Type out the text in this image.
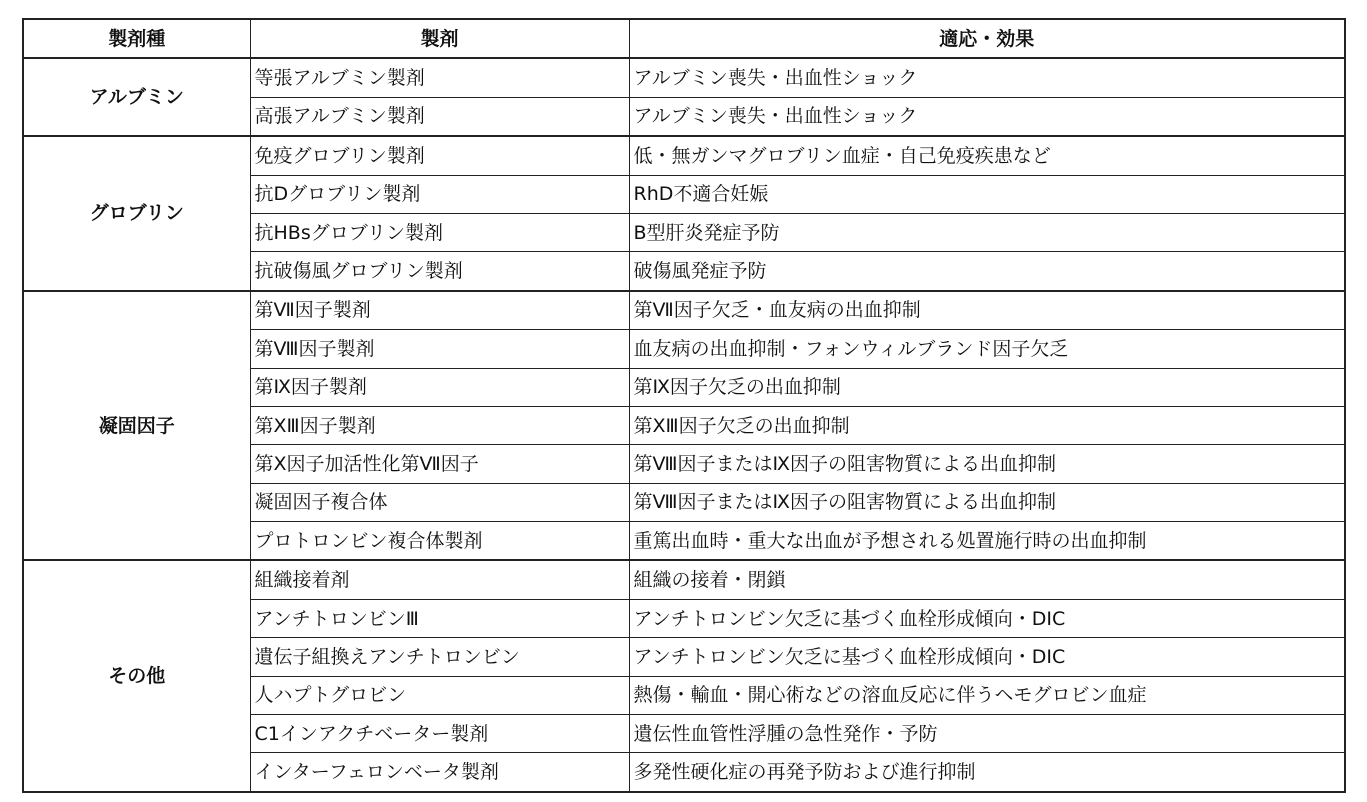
製剤種	製剤	適応・効果
アルブミン	等張アルブミン製剤	アルブミン喪失・出血性ショック
	高張アルブミン製剤	アルブミン喪失・出血性ショック
グロブリン	免疫グロブリン製剤	低・無ガンマグロブリン血症・自己免疫疾患など
	抗Dグロブリン製剤	RhD不適合妊娠
	抗HBsグロブリン製剤	B型肝炎発症予防
	抗破傷風グロブリン製剤	破傷風発症予防
凝固因子	第Ⅶ因子製剤	第Ⅶ因子欠乏・血友病の出血抑制
	第Ⅷ因子製剤	血友病の出血抑制・フォンウィルブランド因子欠乏
	第Ⅸ因子製剤	第Ⅸ因子欠乏の出血抑制
	第ⅩⅢ因子製剤	第ⅩⅢ因子欠乏の出血抑制
	第Ⅹ因子加活性化第Ⅶ因子	第Ⅷ因子またはⅨ因子の阻害物質による出血抑制
	凝固因子複合体	第Ⅷ因子またはⅨ因子の阻害物質による出血抑制
	プロトロンビン複合体製剤	重篤出血時・重大な出血が予想される処置施行時の出血抑制
その他	組織接着剤	組織の接着・閉鎖
	アンチトロンビンⅢ	アンチトロンビン欠乏に基づく血栓形成傾向・DIC
	遺伝子組換えアンチトロンビン	アンチトロンビン欠乏に基づく血栓形成傾向・DIC
	人ハプトグロビン	熱傷・輸血・開心術などの溶血反応に伴うヘモグロビン血症
	C1インアクチベーター製剤	遺伝性血管性浮腫の急性発作・予防
	インターフェロンベータ製剤	多発性硬化症の再発予防および進行抑制
